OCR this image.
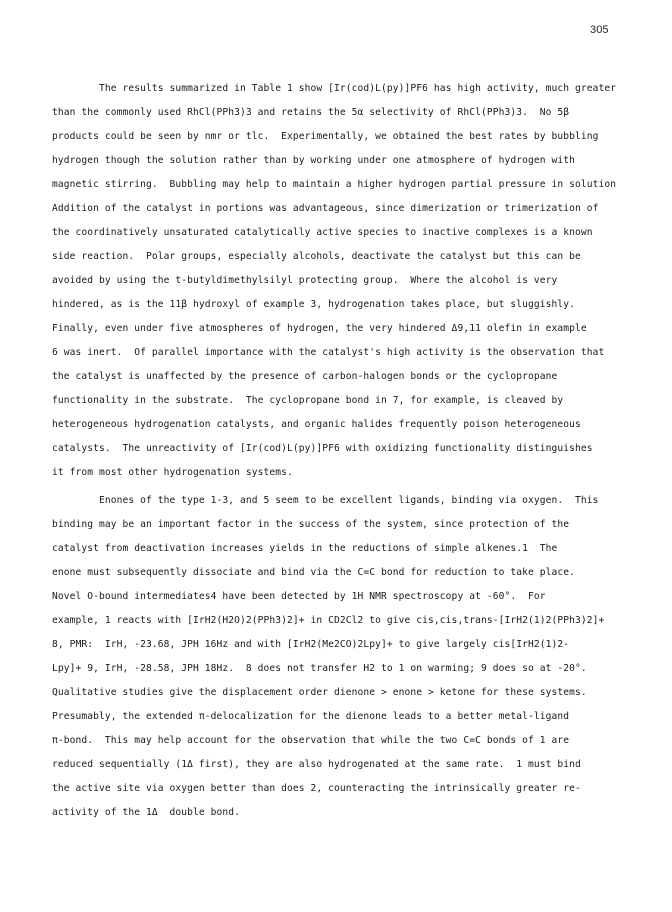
305
The results summarized in Table 1 show [Ir(cod)L(py)]PF6 has high activity, much greater
than the commonly used RhCl(PPh3)3 and retains the 5α selectivity of RhCl(PPh3)3.  No 5β
products could be seen by nmr or tlc.  Experimentally, we obtained the best rates by bubbling
hydrogen though the solution rather than by working under one atmosphere of hydrogen with
magnetic stirring.  Bubbling may help to maintain a higher hydrogen partial pressure in solution
Addition of the catalyst in portions was advantageous, since dimerization or trimerization of
the coordinatively unsaturated catalytically active species to inactive complexes is a known
side reaction.  Polar groups, especially alcohols, deactivate the catalyst but this can be
avoided by using the t-butyldimethylsilyl protecting group.  Where the alcohol is very
hindered, as is the 11β hydroxyl of example 3, hydrogenation takes place, but sluggishly.
Finally, even under five atmospheres of hydrogen, the very hindered Δ9,11 olefin in example
6 was inert.  Of parallel importance with the catalyst's high activity is the observation that
the catalyst is unaffected by the presence of carbon-halogen bonds or the cyclopropane
functionality in the substrate.  The cyclopropane bond in 7, for example, is cleaved by
heterogeneous hydrogenation catalysts, and organic halides frequently poison heterogeneous
catalysts.  The unreactivity of [Ir(cod)L(py)]PF6 with oxidizing functionality distinguishes
it from most other hydrogenation systems.
Enones of the type 1-3, and 5 seem to be excellent ligands, binding via oxygen.  This
binding may be an important factor in the success of the system, since protection of the
catalyst from deactivation increases yields in the reductions of simple alkenes.1  The
enone must subsequently dissociate and bind via the C=C bond for reduction to take place.
Novel O-bound intermediates4 have been detected by 1H NMR spectroscopy at -60°.  For
example, 1 reacts with [IrH2(H2O)2(PPh3)2]+ in CD2Cl2 to give cis,cis,trans-[IrH2(1)2(PPh3)2]+
8, PMR:  IrH, -23.68, JPH 16Hz and with [IrH2(Me2CO)2Lpy]+ to give largely cis[IrH2(1)2-
Lpy]+ 9, IrH, -28.58, JPH 18Hz.  8 does not transfer H2 to 1 on warming; 9 does so at -20°.
Qualitative studies give the displacement order dienone > enone > ketone for these systems.
Presumably, the extended π-delocalization for the dienone leads to a better metal-ligand
π-bond.  This may help account for the observation that while the two C=C bonds of 1 are
reduced sequentially (1Δ first), they are also hydrogenated at the same rate.  1 must bind
the active site via oxygen better than does 2, counteracting the intrinsically greater re-
activity of the 1Δ  double bond.
